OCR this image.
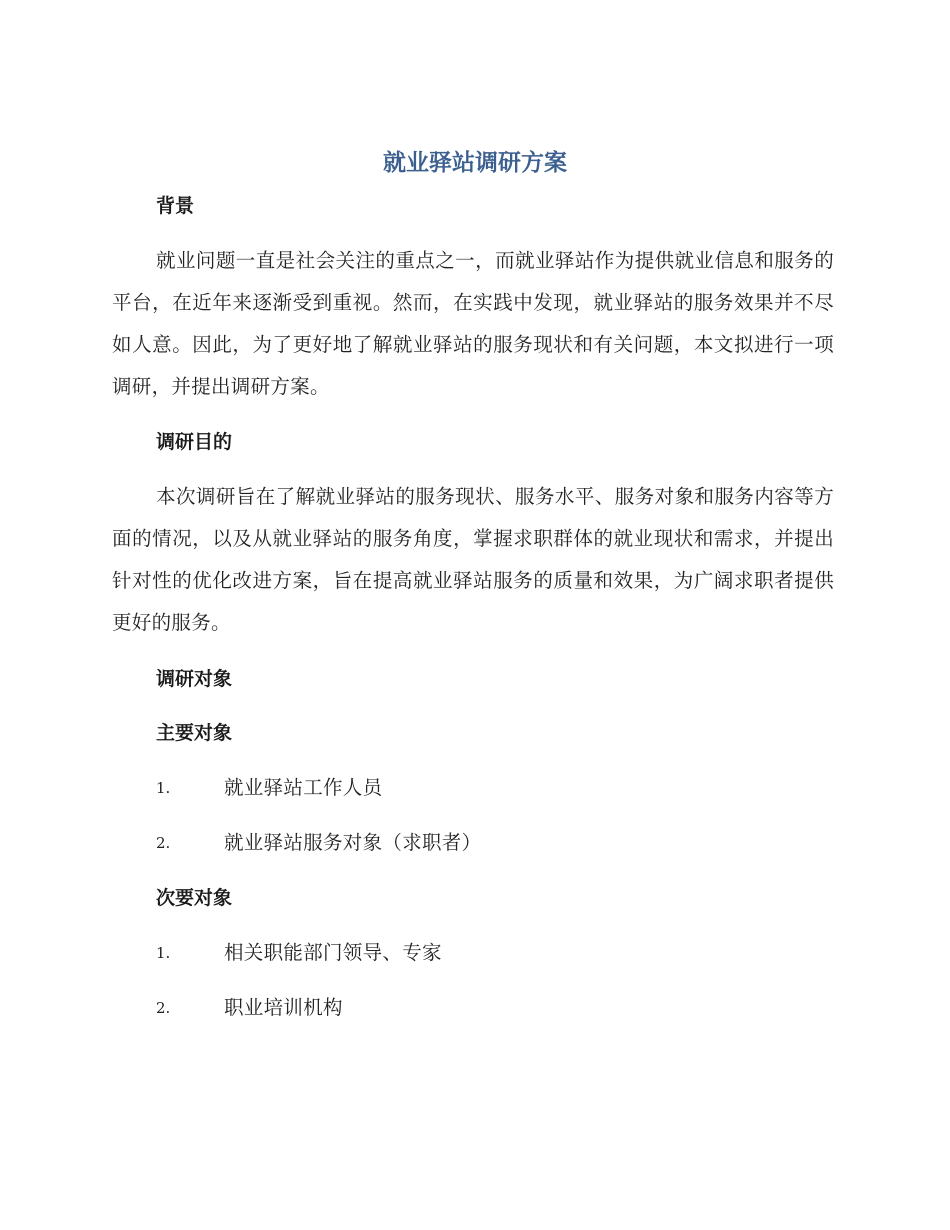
就业驿站调研方案
背景

就业问题一直是社会关注的重点之一，而就业驿站作为提供就业信息和服务的平台，在近年来逐渐受到重视。然而，在实践中发现，就业驿站的服务效果并不尽如人意。因此，为了更好地了解就业驿站的服务现状和有关问题，本文拟进行一项调研，并提出调研方案。

调研目的

本次调研旨在了解就业驿站的服务现状、服务水平、服务对象和服务内容等方面的情况，以及从就业驿站的服务角度，掌握求职群体的就业现状和需求，并提出针对性的优化改进方案，旨在提高就业驿站服务的质量和效果，为广阔求职者提供更好的服务。

调研对象
主要对象
1.	就业驿站工作人员
2.	就业驿站服务对象（求职者）
次要对象
1.	相关职能部门领导、专家
2.	职业培训机构
